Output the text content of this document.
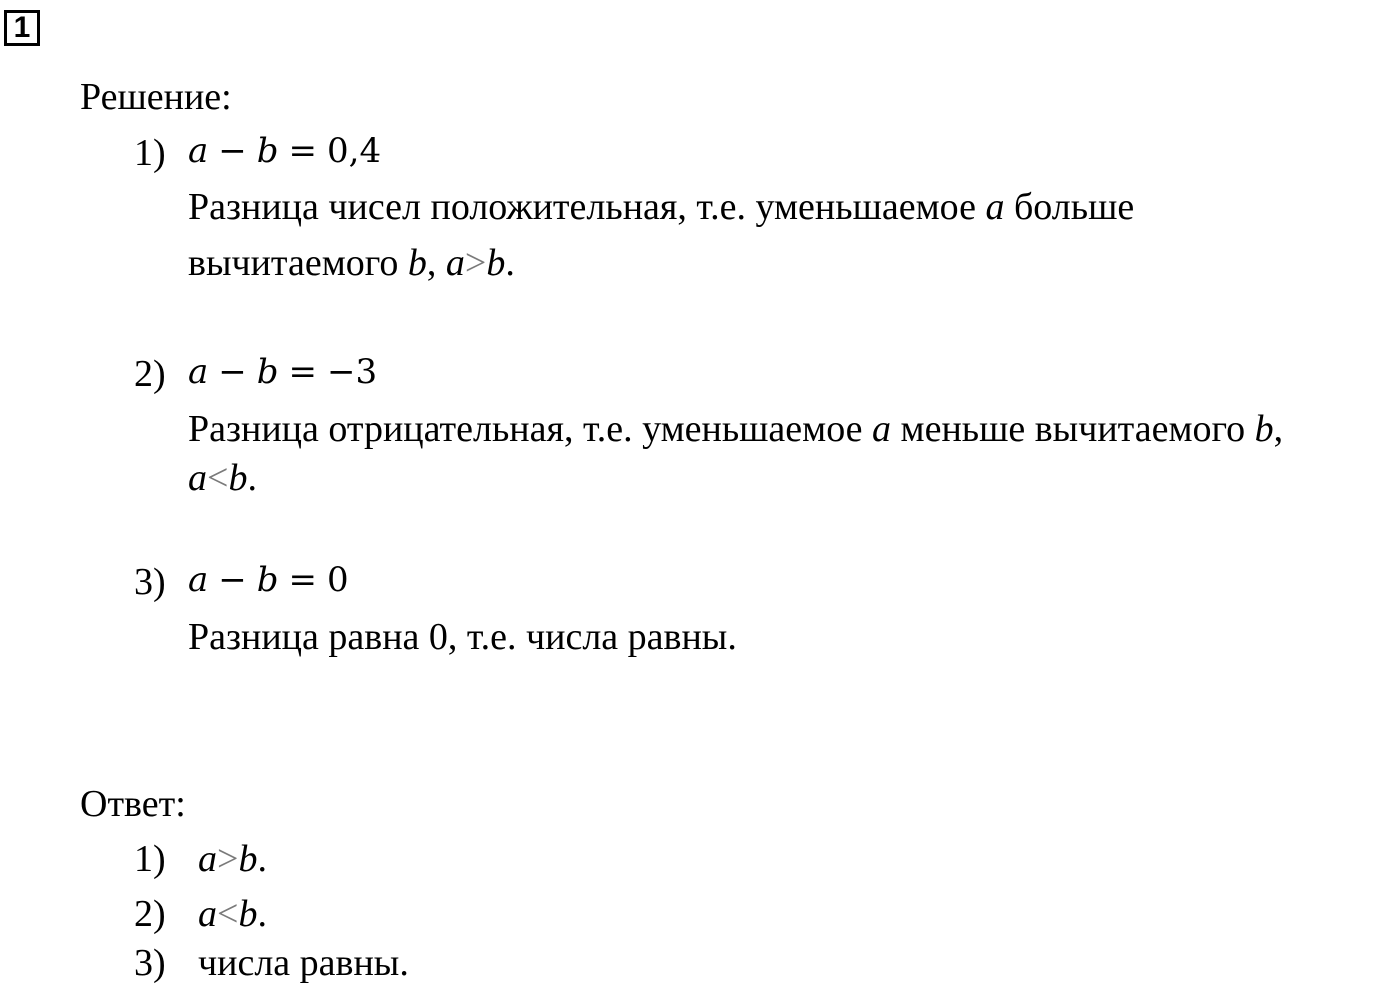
1
Решение:
1) a − b = 0,4
Разница чисел положительная, т.е. уменьшаемое a больше
вычитаемого b, a>b.
2) a − b = −3
Разница отрицательная, т.е. уменьшаемое a меньше вычитаемого b,
a<b.
3) a − b = 0
Разница равна 0, т.е. числа равны.
Ответ:
1) a>b.
2) a<b.
3) числа равны.
